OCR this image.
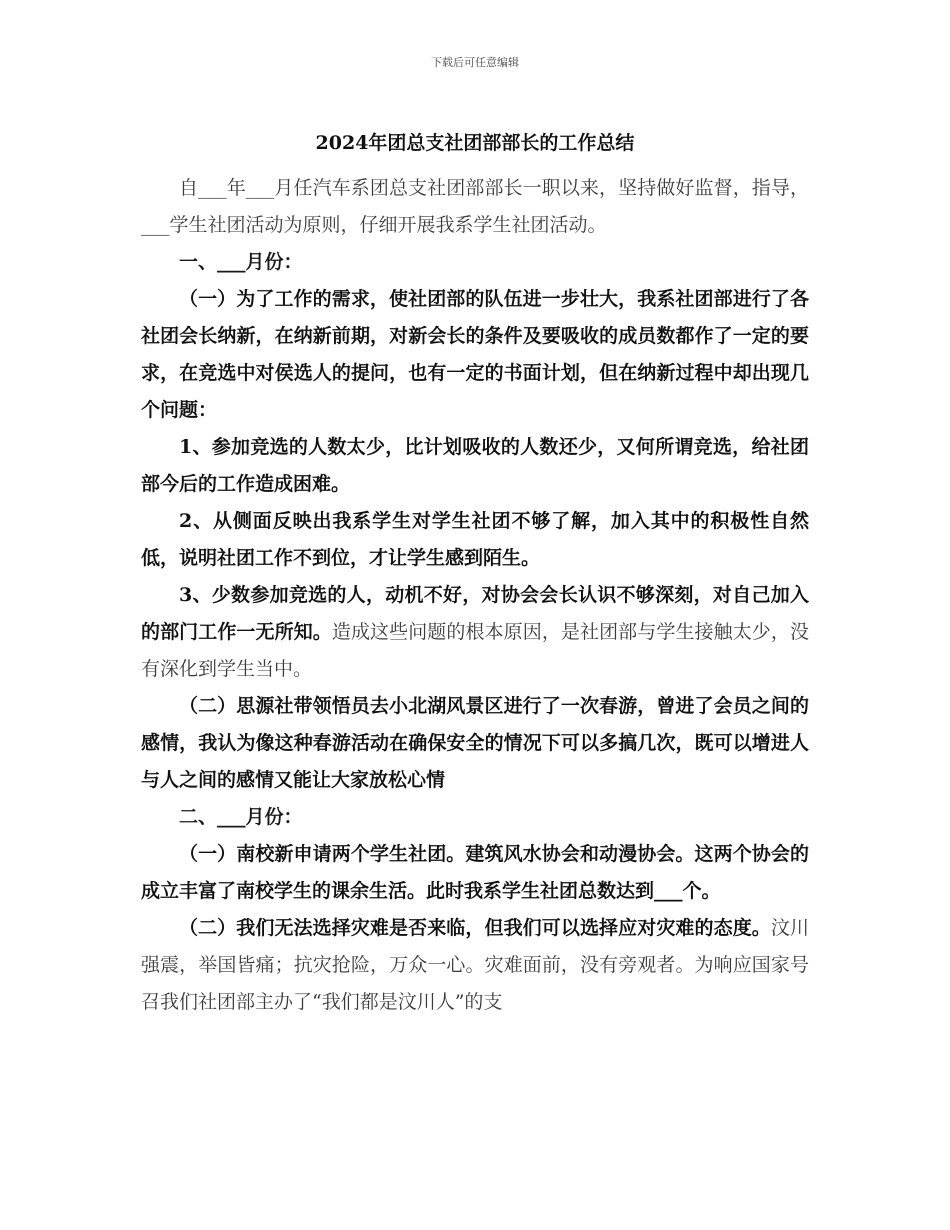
下载后可任意编辑
2024年团总支社团部部长的工作总结

自___年___月任汽车系团总支社团部部长一职以来，坚持做好监督，指导，___学生社团活动为原则，仔细开展我系学生社团活动。

一、___月份：

（一）为了工作的需求，使社团部的队伍进一步壮大，我系社团部进行了各社团会长纳新，在纳新前期，对新会长的条件及要吸收的成员数都作了一定的要求，在竞选中对侯选人的提问，也有一定的书面计划，但在纳新过程中却出现几个问题：

1、参加竞选的人数太少，比计划吸收的人数还少，又何所谓竞选，给社团部今后的工作造成困难。

2、从侧面反映出我系学生对学生社团不够了解，加入其中的积极性自然低，说明社团工作不到位，才让学生感到陌生。

3、少数参加竞选的人，动机不好，对协会会长认识不够深刻，对自己加入的部门工作一无所知。造成这些问题的根本原因，是社团部与学生接触太少，没有深化到学生当中。

（二）思源社带领悟员去小北湖风景区进行了一次春游，曾进了会员之间的感情，我认为像这种春游活动在确保安全的情况下可以多搞几次，既可以增进人与人之间的感情又能让大家放松心情

二、___月份：

（一）南校新申请两个学生社团。建筑风水协会和动漫协会。这两个协会的成立丰富了南校学生的课余生活。此时我系学生社团总数达到___个。

（二）我们无法选择灾难是否来临，但我们可以选择应对灾难的态度。汶川强震，举国皆痛；抗灾抢险，万众一心。灾难面前，没有旁观者。为响应国家号召我们社团部主办了“我们都是汶川人”的支
